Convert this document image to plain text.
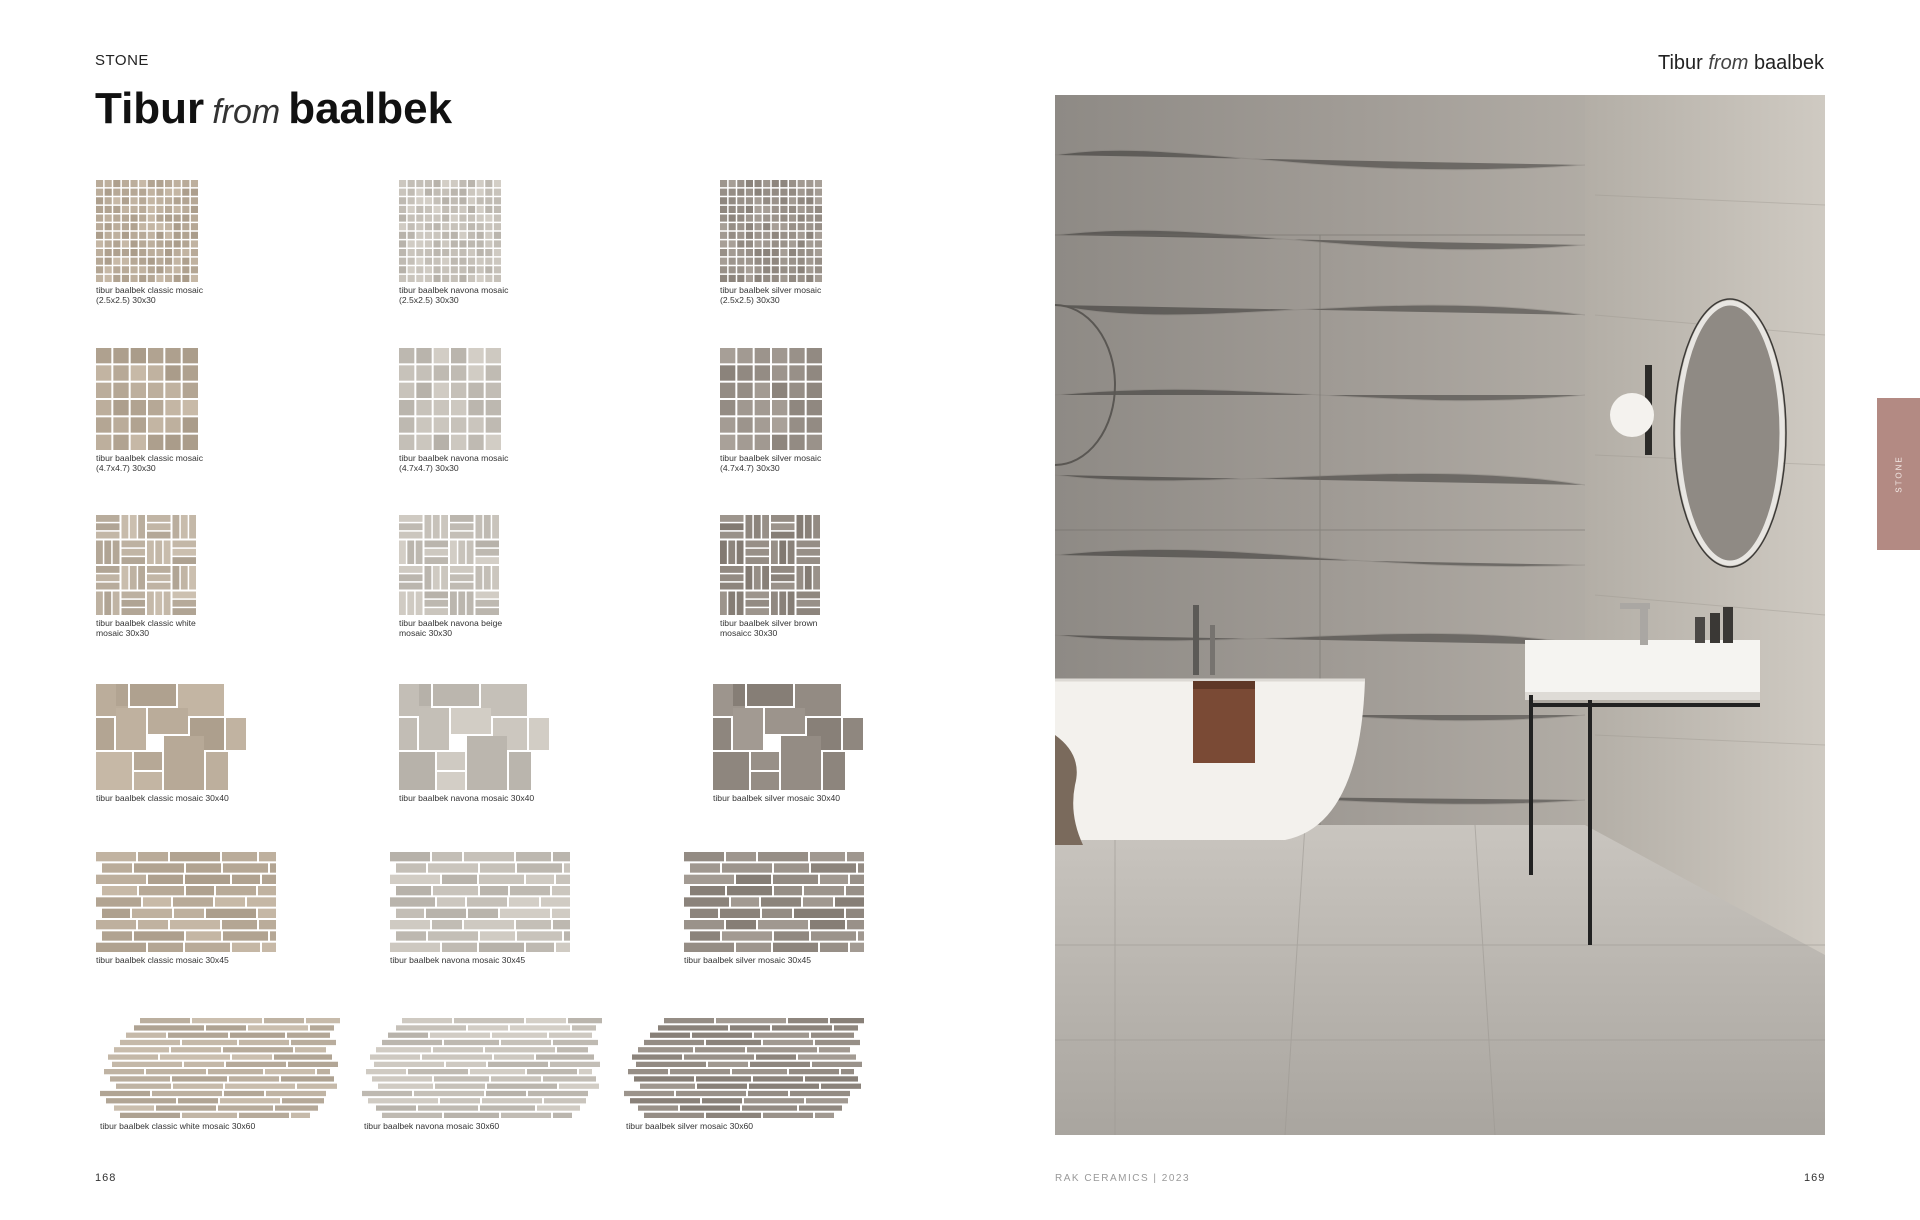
STONE
Tibur from baalbek
Tibur from baalbek
tibur baalbek classic mosaic (2.5x2.5) 30x30
tibur baalbek navona mosaic (2.5x2.5) 30x30
tibur baalbek silver mosaic (2.5x2.5) 30x30
tibur baalbek classic mosaic (4.7x4.7) 30x30
tibur baalbek navona mosaic (4.7x4.7) 30x30
tibur baalbek silver mosaic (4.7x4.7) 30x30
tibur baalbek classic white mosaic 30x30
tibur baalbek navona beige mosaic 30x30
tibur baalbek silver brown mosaicc 30x30
tibur baalbek classic mosaic 30x40	tibur baalbek navona mosaic 30x40	tibur baalbek silver mosaic 30x40
tibur baalbek classic mosaic 30x45	tibur baalbek navona mosaic 30x45	tibur baalbek silver mosaic 30x45
tibur baalbek classic white mosaic 30x60	tibur baalbek navona mosaic 30x60	tibur baalbek silver mosaic 30x60
STONE
168	RAK CERAMICS | 2023	169
